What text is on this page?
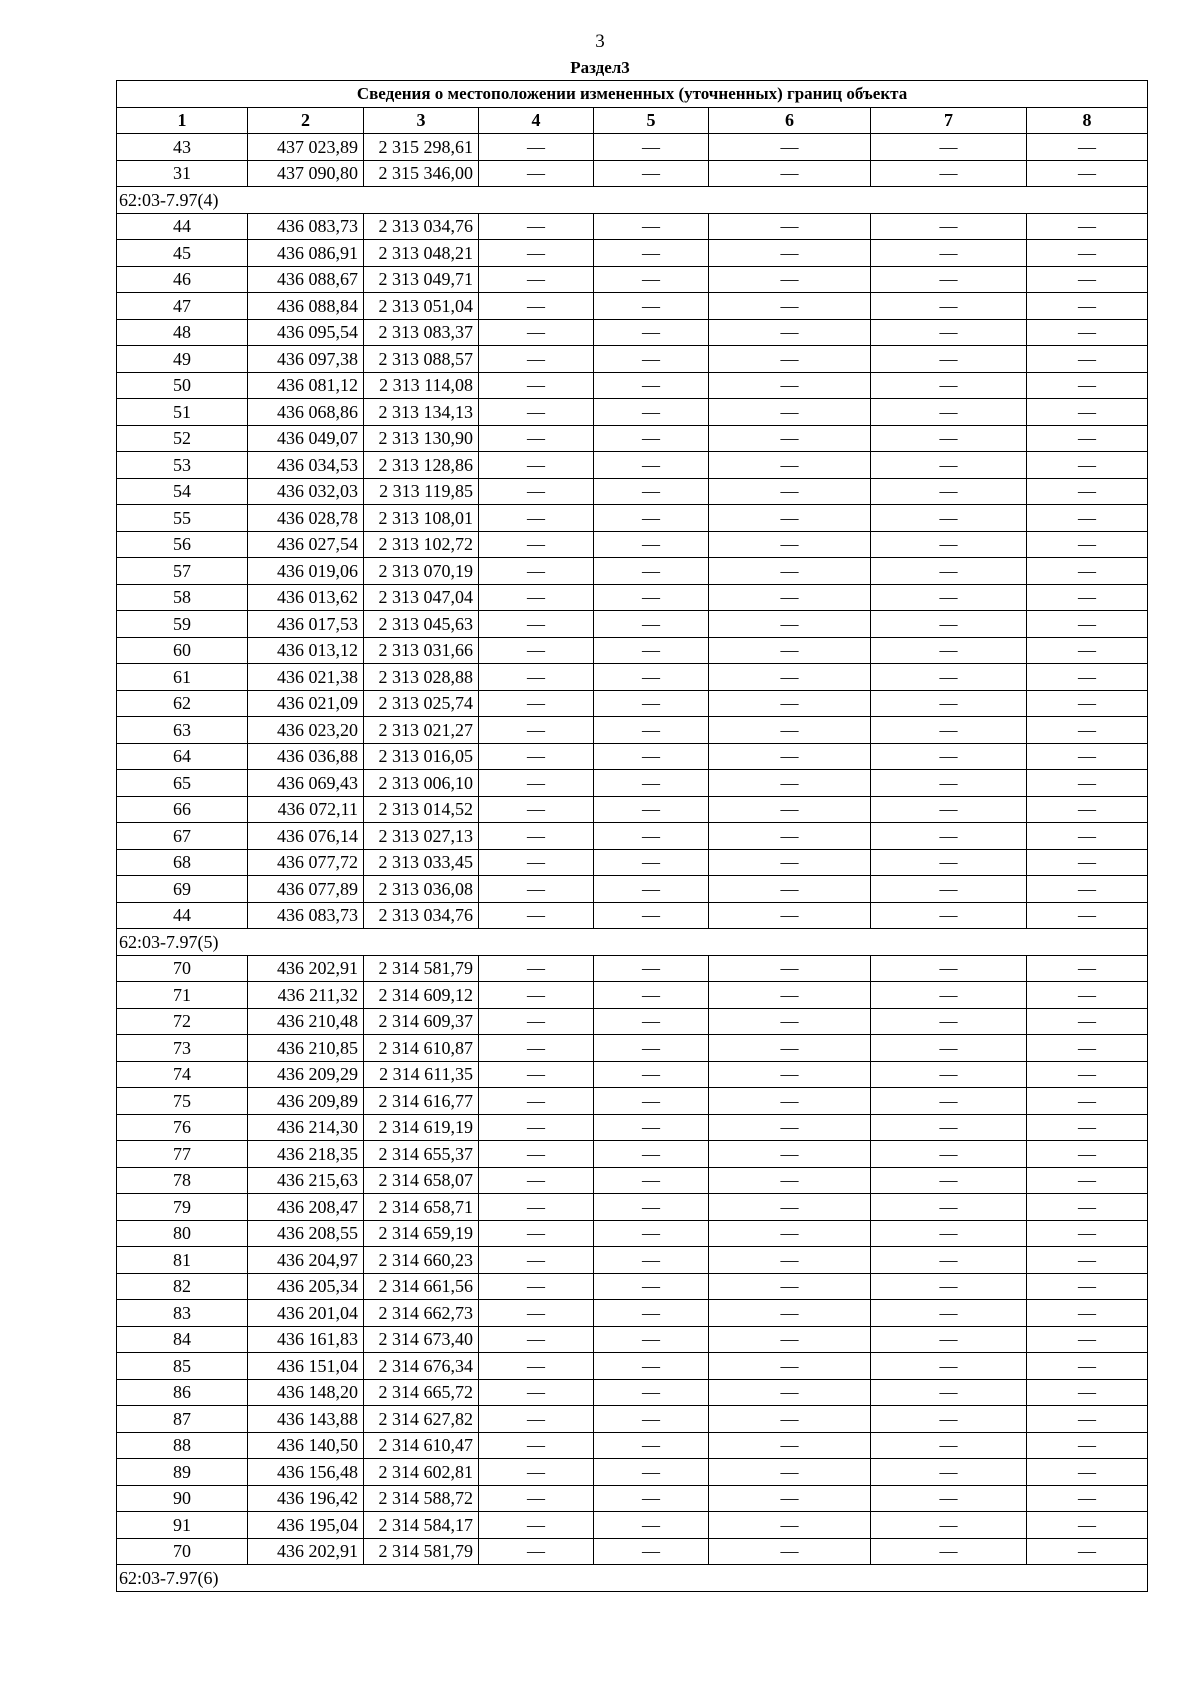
3
Раздел3
Сведения о местоположении измененных (уточненных) границ объекта							
1	2	3	4	5	6	7	8
43	437 023,89	2 315 298,61	—	—	—	—	—
31	437 090,80	2 315 346,00	—	—	—	—	—
62:03-7.97(4)							
44	436 083,73	2 313 034,76	—	—	—	—	—
45	436 086,91	2 313 048,21	—	—	—	—	—
46	436 088,67	2 313 049,71	—	—	—	—	—
47	436 088,84	2 313 051,04	—	—	—	—	—
48	436 095,54	2 313 083,37	—	—	—	—	—
49	436 097,38	2 313 088,57	—	—	—	—	—
50	436 081,12	2 313 114,08	—	—	—	—	—
51	436 068,86	2 313 134,13	—	—	—	—	—
52	436 049,07	2 313 130,90	—	—	—	—	—
53	436 034,53	2 313 128,86	—	—	—	—	—
54	436 032,03	2 313 119,85	—	—	—	—	—
55	436 028,78	2 313 108,01	—	—	—	—	—
56	436 027,54	2 313 102,72	—	—	—	—	—
57	436 019,06	2 313 070,19	—	—	—	—	—
58	436 013,62	2 313 047,04	—	—	—	—	—
59	436 017,53	2 313 045,63	—	—	—	—	—
60	436 013,12	2 313 031,66	—	—	—	—	—
61	436 021,38	2 313 028,88	—	—	—	—	—
62	436 021,09	2 313 025,74	—	—	—	—	—
63	436 023,20	2 313 021,27	—	—	—	—	—
64	436 036,88	2 313 016,05	—	—	—	—	—
65	436 069,43	2 313 006,10	—	—	—	—	—
66	436 072,11	2 313 014,52	—	—	—	—	—
67	436 076,14	2 313 027,13	—	—	—	—	—
68	436 077,72	2 313 033,45	—	—	—	—	—
69	436 077,89	2 313 036,08	—	—	—	—	—
44	436 083,73	2 313 034,76	—	—	—	—	—
62:03-7.97(5)							
70	436 202,91	2 314 581,79	—	—	—	—	—
71	436 211,32	2 314 609,12	—	—	—	—	—
72	436 210,48	2 314 609,37	—	—	—	—	—
73	436 210,85	2 314 610,87	—	—	—	—	—
74	436 209,29	2 314 611,35	—	—	—	—	—
75	436 209,89	2 314 616,77	—	—	—	—	—
76	436 214,30	2 314 619,19	—	—	—	—	—
77	436 218,35	2 314 655,37	—	—	—	—	—
78	436 215,63	2 314 658,07	—	—	—	—	—
79	436 208,47	2 314 658,71	—	—	—	—	—
80	436 208,55	2 314 659,19	—	—	—	—	—
81	436 204,97	2 314 660,23	—	—	—	—	—
82	436 205,34	2 314 661,56	—	—	—	—	—
83	436 201,04	2 314 662,73	—	—	—	—	—
84	436 161,83	2 314 673,40	—	—	—	—	—
85	436 151,04	2 314 676,34	—	—	—	—	—
86	436 148,20	2 314 665,72	—	—	—	—	—
87	436 143,88	2 314 627,82	—	—	—	—	—
88	436 140,50	2 314 610,47	—	—	—	—	—
89	436 156,48	2 314 602,81	—	—	—	—	—
90	436 196,42	2 314 588,72	—	—	—	—	—
91	436 195,04	2 314 584,17	—	—	—	—	—
70	436 202,91	2 314 581,79	—	—	—	—	—
62:03-7.97(6)							
